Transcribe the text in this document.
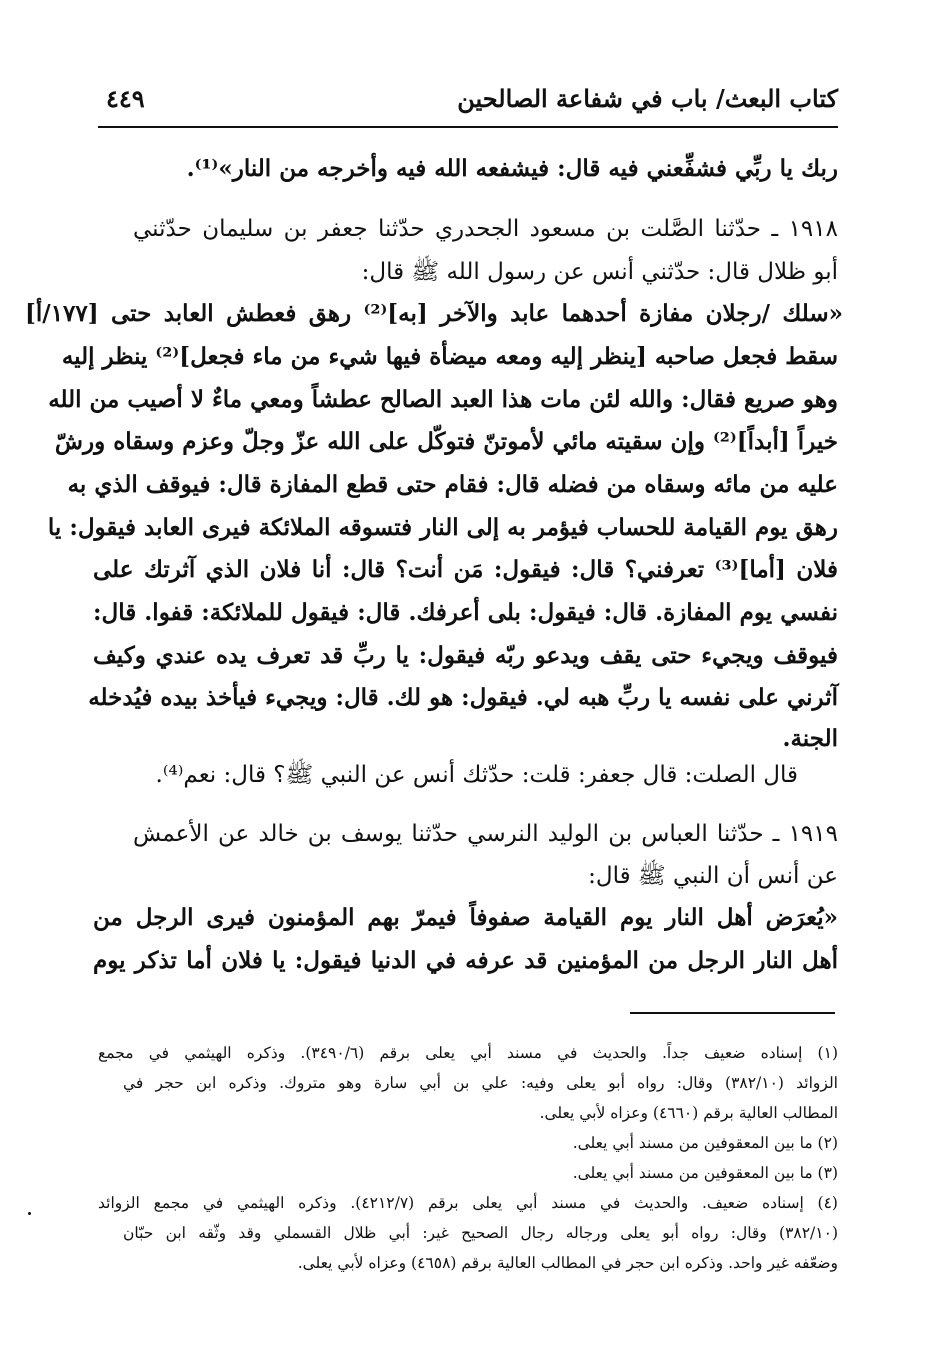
كتاب البعث/ باب في شفاعة الصالحين
٤٤٩
ربك يا ربِّي فشفِّعني فيه قال: فيشفعه الله فيه وأخرجه من النار»⁽¹⁾.
١٩١٨ ـ حدّثنا الصَّلت بن مسعود الجحدري حدّثنا جعفر بن سليمان حدّثني
أبو ظلال قال: حدّثني أنس عن رسول الله ﷺ قال:
«سلك /رجلان مفازة أحدهما عابد والآخر [به]⁽²⁾ رهق فعطش العابد حتى [١٧٧/أ]
سقط فجعل صاحبه [ينظر إليه ومعه ميضأة فيها شيء من ماء فجعل]⁽²⁾ ينظر إليه
وهو صريع فقال: والله لئن مات هذا العبد الصالح عطشاً ومعي ماءٌ لا أصيب من الله
خيراً [أبداً]⁽²⁾ وإن سقيته مائي لأموتنّ فتوكّل على الله عزّ وجلّ وعزم وسقاه ورشّ
عليه من مائه وسقاه من فضله قال: فقام حتى قطع المفازة قال: فيوقف الذي به
رهق يوم القيامة للحساب فيؤمر به إلى النار فتسوقه الملائكة فيرى العابد فيقول: يا
فلان [أما]⁽³⁾ تعرفني؟ قال: فيقول: مَن أنت؟ قال: أنا فلان الذي آثرتك على
نفسي يوم المفازة. قال: فيقول: بلى أعرفك. قال: فيقول للملائكة: قفوا. قال:
فيوقف ويجيء حتى يقف ويدعو ربّه فيقول: يا ربِّ قد تعرف يده عندي وكيف
آثرني على نفسه يا ربِّ هبه لي. فيقول: هو لك. قال: ويجيء فيأخذ بيده فيُدخله
الجنة.
قال الصلت: قال جعفر: قلت: حدّثك أنس عن النبي ﷺ؟ قال: نعم⁽⁴⁾.
١٩١٩ ـ حدّثنا العباس بن الوليد النرسي حدّثنا يوسف بن خالد عن الأعمش
عن أنس أن النبي ﷺ قال:
«يُعرَض أهل النار يوم القيامة صفوفاً فيمرّ بهم المؤمنون فيرى الرجل من
أهل النار الرجل من المؤمنين قد عرفه في الدنيا فيقول: يا فلان أما تذكر يوم
(١) إسناده ضعيف جداً. والحديث في مسند أبي يعلى برقم (٣٤٩٠/٦). وذكره الهيثمي في مجمع
الزوائد (٣٨٢/١٠) وقال: رواه أبو يعلى وفيه: علي بن أبي سارة وهو متروك. وذكره ابن حجر في
المطالب العالية برقم (٤٦٦٠) وعزاه لأبي يعلى.
(٢) ما بين المعقوفين من مسند أبي يعلى.
(٣) ما بين المعقوفين من مسند أبي يعلى.
(٤) إسناده ضعيف. والحديث في مسند أبي يعلى برقم (٤٢١٢/٧). وذكره الهيثمي في مجمع الزوائد
(٣٨٢/١٠) وقال: رواه أبو يعلى ورجاله رجال الصحيح غير: أبي ظلال القسملي وقد وثّقه ابن حبّان
وضعّفه غير واحد. وذكره ابن حجر في المطالب العالية برقم (٤٦٥٨) وعزاه لأبي يعلى.
